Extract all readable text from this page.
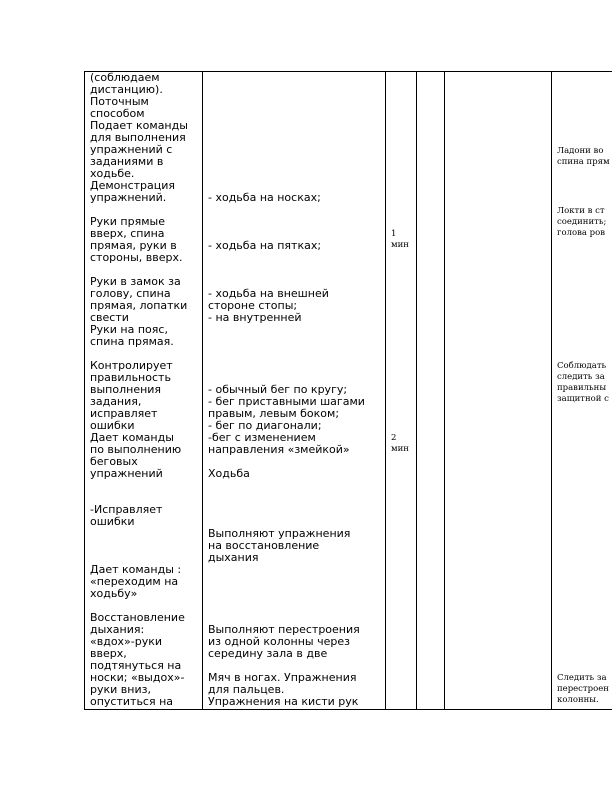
(соблюдаем
дистанцию).
Поточным
способом
Подает команды
для выполнения
упражнений с
заданиями в
ходьбе.
Демонстрация
упражнений.
Руки прямые
вверх, спина
прямая, руки в
стороны, вверх.
Руки в замок за
голову, спина
прямая, лопатки
свести
Руки на пояс,
спина прямая.
Контролирует
правильность
выполнения
задания,
исправляет
ошибки
Дает команды
по выполнению
беговых
упражнений
-Исправляет
ошибки
Дает команды :
«переходим на
ходьбу»
Восстановление
дыхания:
«вдох»-руки
вверх,
подтянуться на
носки; «выдох»-
руки вниз,
опуститься на
- ходьба на носках;
- ходьба на пятках;
- ходьба на внешней
стороне стопы;
- на внутренней
- обычный бег по кругу;
- бег приставными шагами
правым, левым боком;
- бег по диагонали;
-бег с изменением
направления «змейкой»
Ходьба
Выполняют упражнения
на восстановление
дыхания
Выполняют перестроения
из одной колонны через
середину зала в две
Мяч в ногах. Упражнения
для пальцев.
Упражнения на кисти рук
1
мин
2
мин
Ладони во
спина прям
Локти в ст
соединить;
голова ров
Соблюдать
следить за
правильны
защитной с
Следить за
перестроен
колонны.
